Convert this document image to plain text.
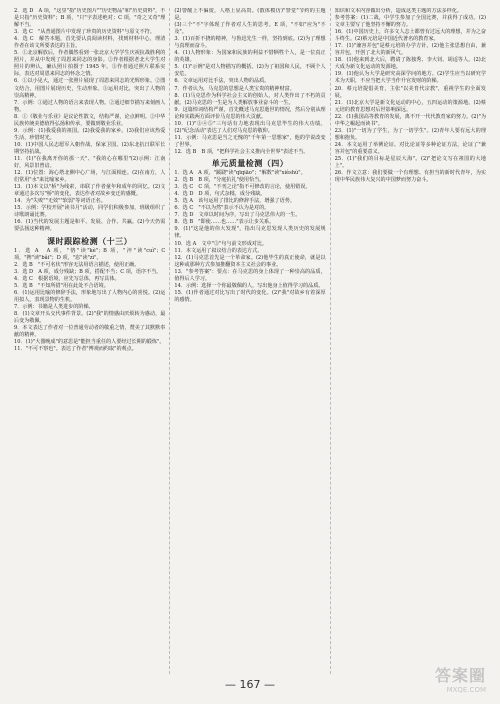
2．选 D　A 项，"这里"指"历史图片""历史物品"和"历史资料"，不是只指"历史资料"；B 项，"只"字表述绝对；C 项，"奇之又奇"理解不当。

3．选 C　"从普通图片中发现了珍贵的历史资料"与原文不符。

4．选 C　解答本题，首先要认真阅读材料，找到材料中心，理清作者在该文所要表达的主旨。

5．①北京解放后，作者偶然看到一张北京大学学生庆祝抗战胜利的照片，并从中发现了周恩来同志的身影。②作者根据老北大学生对照片的辨认，确认照片拍摄于 1945 年。③作者通过照片联系实际，表达对周恩来同志的怀念之情。

6．①以小见大，通过一张照片展现了周恩来同志的光辉形象。②图文结合，用图片展现历史，生动形象。③运用对比，突出了人物的崇高精神。

7．示例：①通过人物的语言来表现人物。②通过细节描写来刻画人物。

8．①《敬业与乐业》是议论性散文，结构严谨，论点鲜明。②中华民族传统美德值得弘扬和传承，要做到敬业乐业。

9．示例：(1)我爱我的祖国。(2)我爱我的家乡。(3)我们应该热爱生活，珍惜时光。

10．(1)中国人民志愿军入朝作战，保家卫国。(2)东北抗日联军长期坚持抗战。

11．(1)"在我离开你的那一天"、"我的心在哪里"(2)示例：江南好，风景旧曾谙。

12．(1)位置：海心塔北侧中心广场，与江面相连。(2)在南方，人们常用"水"来比喻家乡。

13．(1)本文以"桥"为线索，串联了作者童年和成年的回忆。(2)文章通过多次写"桥"的变化，表达作者对故乡变迁的感慨。

14．为"失败""无效""软弱"等词语正名。

15．示例：学校开展"读书月"活动，同学们积极参加，班级组织了诗歌朗诵比赛。

16．(1)当代的发展主题是和平、发展、合作、共赢。(2)今天仍需要弘扬这种精神。

课时跟踪检测（十三）

1．选 A　A 项，"恪"读"kè"；B 项，"淬"读"cuì"；C 项，"捭"读"bǎi"；D 项，"恣"读"zì"。

2．选 B　"不可名状"形容无法用语言描述，使用正确。

3．选 D　A 项，成分残缺；B 项，搭配不当；C 项，语序不当。

4．选 C　根据语境，应先写总体，再写具体。

5．选 B　"不知所措"用在此处不合语境。

6．(1)运用比喻的修辞手法，形象地写出了人物内心的喜悦。(2)运用拟人，表现景物的生机。

7．示例：书籍是人类进步的阶梯。

8．(1)文章开头交代事件背景。(2)"我"的情感由厌烦转为感动，最后变为敬佩。

9．本文表达了作者对一位普通劳动者的敬重之情，赞美了其默默奉献的精神。

10．(1)"大器晚成"的意思是"能担当重任的人要经过长期的锻炼"。

11．"不可不察也"。表达了作者"博观而约取"的观点。

(2)警醒上不偏废，人格上显高贵。(散体模仿)"警觉"节约的主题是。

(3)三个"不"字体现了作者对人生的思考。E 项，"不如"应为"不及"。

3．(1)百折不挠的精神，与鲁迅先生一样，坚持到底。(2)为了理想与真理而奋斗。

4．(1)人物形象：为国家和民族的利益不惜牺牲个人，是一位真正的英雄。

5．(1)"示例"是对人物描写的概括。(2)为了祖国和人民，不顾个人安危。

6．文章运用对比手法，突出人物的品质。

7．作者认为，马克思的思想是人类宝贵的精神财富。

8．(1)马克思作为科学社会主义的创始人，对人类作出了不朽的贡献。(2)马克思的一生是为人类解放事业奋斗的一生。

9．这篇悼词结构严谨，首先概述马克思逝世的情况，然后分别从理论和实践两方面评价马克思的伟大贡献。

10．(1)"③④⑤"三句话有力地表现出马克思毕生的伟大功绩。(2)"纪念活动"表达了人们对马克思的敬仰。

11．示例：马克思是当之无愧的"千年第一思想家"，他的学说改变了世界。

12．选 B　B 项，"把科学社会主义推向全世界"表述不当。

单元质量检测（四）

1．选 A　A 项，"蹊跷"读"qīqiāo"；"解数"读"xièshù"。

2．选 B　B 项，"分庭抗礼"使用恰当。

3．选 C　C 项，"不刊之论"指不可修改的言论，使用错误。

4．选 D　D 项，句式杂糅，成分残缺。

5．选 A　该句运用了排比的修辞手法，增强了语势。

6．选 C　"不以为然"表示不认为是对的。

7．选 D　文章以时间为序，写出了马克思伟大的一生。

8．选 B　"即使……也……"表示让步关系。

9．(1)"这是他的伟大发现"，指出马克思发现人类历史的发展规律。

10．选 A　文中"③"句与前文形成对比。

11．本文运用了叙议结合的表达方式。

12．(1)马克思首先是一个革命家。(2)他毕生的真正使命，就是以这种或那种方式参加推翻资本主义社会的事业。

13．"参考答案"：要点：在马克思的身上体现了一种崇高的品质，值得后人学习。

14．示例：选择一个你最敬佩的人，写出他身上值得学习的品质。

15．(1)作者通过对比写出了时代的变化。(2)"我"对故乡有着深厚的感情。

知识和文本内容做出分析，造成这类主题的方法多样化。

参考答案：(1)二战，中学生参加了全国比赛，并获得了成功。(2)文章主要写了他坚持不懈的努力。

16．(1)中国历史上，许多文人志士都曾有过远大的理想，并为之奋斗终生。(2)蔡元培是中国近代著名的教育家。

17．(1)"兼容并包"是蔡元培的办学方针。(2)他主张思想自由，兼容并包，开创了北大的新风气。

18．(1)他来到北大后，聘请了陈独秀、李大钊、胡适等人。(2)北大成为新文化运动的发源地。

19．(1)他认为大学是研究高深学问的地方。(2)学生应当以研究学术为天职，不应当把大学当作升官发财的阶梯。

20．蔡元培提倡美育，主张"以美育代宗教"，重视学生的全面发展。

21．(1)北京大学是新文化运动的中心，五四运动的策源地。(2)蔡元培的教育思想对后世影响深远。

22．(1)我国高等教育的发展，离不开一代代教育家的努力。(2)"为中华之崛起而读书"。

23．(1)"一切为了学生，为了一切学生"。(2)青年人要有远大的理想和抱负。

24．本文运用了举例论证、对比论证等多种论证方法，论证了"兼容并包"的重要意义。

25．(1)"我们的目标是星辰大海"。(2)"把论文写在祖国的大地上"。

26．作文立意：我们要做一个有理想、有担当的新时代青年，为实现中华民族伟大复兴的中国梦而努力奋斗。

— 167 —	答案圈
MXQE.COM
